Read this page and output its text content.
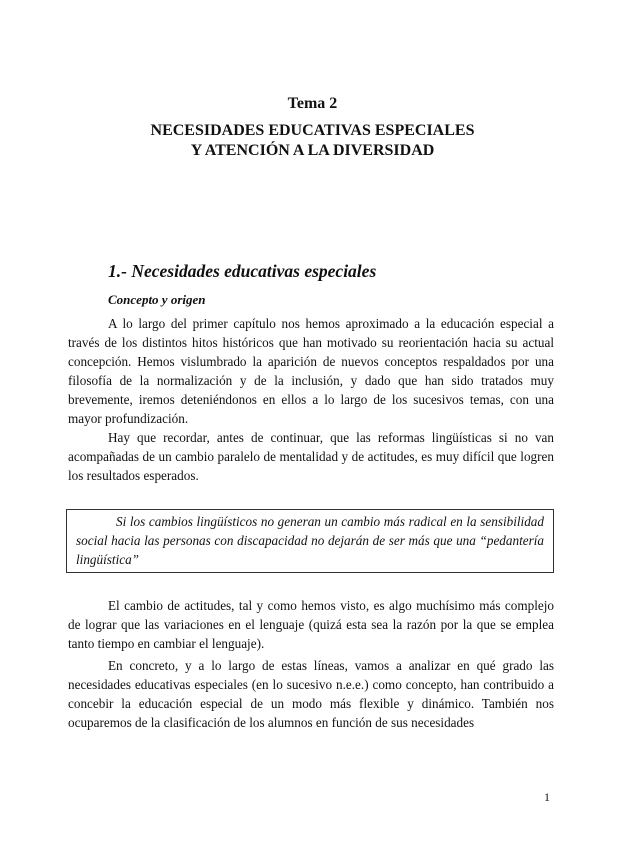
Tema 2
NECESIDADES EDUCATIVAS ESPECIALES
Y ATENCIÓN A LA DIVERSIDAD
1.- Necesidades educativas especiales
Concepto y origen

A lo largo del primer capítulo nos hemos aproximado a la educación especial a través de los distintos hitos históricos que han motivado su reorientación hacia su actual concepción. Hemos vislumbrado la aparición de nuevos conceptos respaldados por una filosofía de la normalización y de la inclusión, y dado que han sido tratados muy brevemente, iremos deteniéndonos en ellos a lo largo de los sucesivos temas, con una mayor profundización.

Hay que recordar, antes de continuar, que las reformas lingüísticas si no van acompañadas de un cambio paralelo de mentalidad y de actitudes, es muy difícil que logren los resultados esperados.

Si los cambios lingüísticos no generan un cambio más radical en la sensibilidad social hacia las personas con discapacidad no dejarán de ser más que una “pedantería lingüística”

El cambio de actitudes, tal y como hemos visto, es algo muchísimo más complejo de lograr que las variaciones en el lenguaje (quizá esta sea la razón por la que se emplea tanto tiempo en cambiar el lenguaje).

En concreto, y a lo largo de estas líneas, vamos a analizar en qué grado las necesidades educativas especiales (en lo sucesivo n.e.e.) como concepto, han contribuido a concebir la educación especial de un modo más flexible y dinámico. También nos ocuparemos de la clasificación de los alumnos en función de sus necesidades

1
